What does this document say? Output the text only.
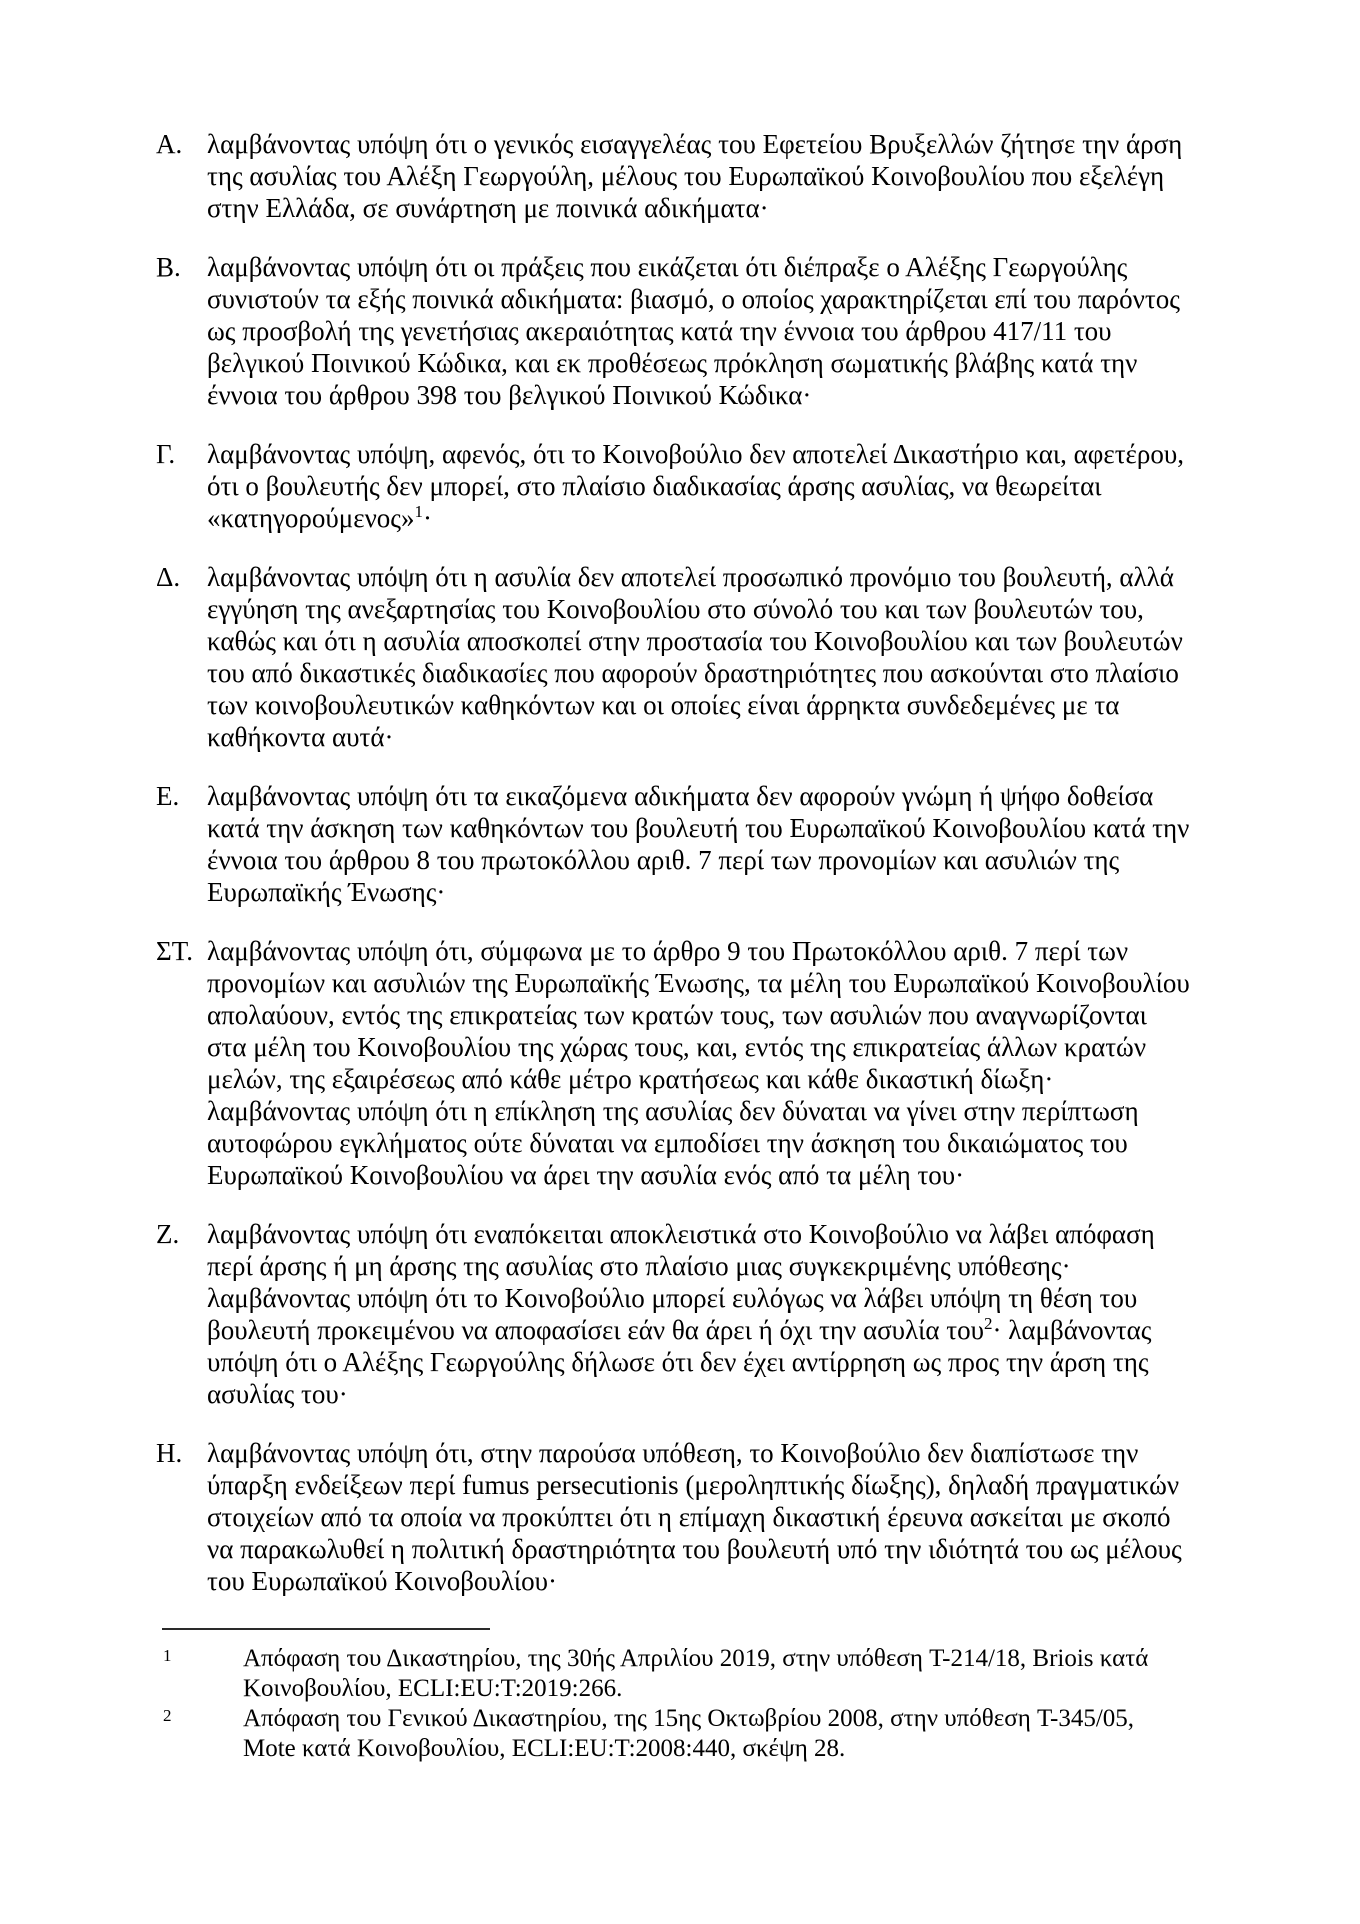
Α. λαμβάνοντας υπόψη ότι ο γενικός εισαγγελέας του Εφετείου Βρυξελλών ζήτησε την άρση της ασυλίας του Αλέξη Γεωργούλη, μέλους του Ευρωπαϊκού Κοινοβουλίου που εξελέγη στην Ελλάδα, σε συνάρτηση με ποινικά αδικήματα·
Β. λαμβάνοντας υπόψη ότι οι πράξεις που εικάζεται ότι διέπραξε ο Αλέξης Γεωργούλης συνιστούν τα εξής ποινικά αδικήματα: βιασμό, ο οποίος χαρακτηρίζεται επί του παρόντος ως προσβολή της γενετήσιας ακεραιότητας κατά την έννοια του άρθρου 417/11 του βελγικού Ποινικού Κώδικα, και εκ προθέσεως πρόκληση σωματικής βλάβης κατά την έννοια του άρθρου 398 του βελγικού Ποινικού Κώδικα·
Γ.	λαμβάνοντας υπόψη, αφενός, ότι το Κοινοβούλιο δεν αποτελεί Δικαστήριο και, αφετέρου, ότι ο βουλευτής δεν μπορεί, στο πλαίσιο διαδικασίας άρσης ασυλίας, να θεωρείται «κατηγορούμενος»$^1$·
Δ. λαμβάνοντας υπόψη ότι η ασυλία δεν αποτελεί προσωπικό προνόμιο του βουλευτή, αλλά εγγύηση της ανεξαρτησίας του Κοινοβουλίου στο σύνολό του και των βουλευτών του, καθώς και ότι η ασυλία αποσκοπεί στην προστασία του Κοινοβουλίου και των βουλευτών του από δικαστικές διαδικασίες που αφορούν δραστηριότητες που ασκούνται στο πλαίσιο των κοινοβουλευτικών καθηκόντων και οι οποίες είναι άρρηκτα συνδεδεμένες με τα καθήκοντα αυτά·
Ε.	λαμβάνοντας υπόψη ότι τα εικαζόμενα αδικήματα δεν αφορούν γνώμη ή ψήφο δοθείσα κατά την άσκηση των καθηκόντων του βουλευτή του Ευρωπαϊκού Κοινοβουλίου κατά την έννοια του άρθρου 8 του πρωτοκόλλου αριθ. 7 περί των προνομίων και ασυλιών της Ευρωπαϊκής Ένωσης·
ΣΤ. λαμβάνοντας υπόψη ότι, σύμφωνα με το άρθρο 9 του Πρωτοκόλλου αριθ. 7 περί των προνομίων και ασυλιών της Ευρωπαϊκής Ένωσης, τα μέλη του Ευρωπαϊκού Κοινοβουλίου απολαύουν, εντός της επικρατείας των κρατών τους, των ασυλιών που αναγνωρίζονται στα μέλη του Κοινοβουλίου της χώρας τους, και, εντός της επικρατείας άλλων κρατών μελών, της εξαιρέσεως από κάθε μέτρο κρατήσεως και κάθε δικαστική δίωξη· λαμβάνοντας υπόψη ότι η επίκληση της ασυλίας δεν δύναται να γίνει στην περίπτωση αυτοφώρου εγκλήματος ούτε δύναται να εμποδίσει την άσκηση του δικαιώματος του Ευρωπαϊκού Κοινοβουλίου να άρει την ασυλία ενός από τα μέλη του·
Ζ.	λαμβάνοντας υπόψη ότι εναπόκειται αποκλειστικά στο Κοινοβούλιο να λάβει απόφαση περί άρσης ή μη άρσης της ασυλίας στο πλαίσιο μιας συγκεκριμένης υπόθεσης· λαμβάνοντας υπόψη ότι το Κοινοβούλιο μπορεί ευλόγως να λάβει υπόψη τη θέση του βουλευτή προκειμένου να αποφασίσει εάν θα άρει ή όχι την ασυλία του$^2$· λαμβάνοντας υπόψη ότι ο Αλέξης Γεωργούλης δήλωσε ότι δεν έχει αντίρρηση ως προς την άρση της ασυλίας του·
Η. λαμβάνοντας υπόψη ότι, στην παρούσα υπόθεση, το Κοινοβούλιο δεν διαπίστωσε την ύπαρξη ενδείξεων περί fumus persecutionis (μεροληπτικής δίωξης), δηλαδή πραγματικών στοιχείων από τα οποία να προκύπτει ότι η επίμαχη δικαστική έρευνα ασκείται με σκοπό να παρακωλυθεί η πολιτική δραστηριότητα του βουλευτή υπό την ιδιότητά του ως μέλους του Ευρωπαϊκού Κοινοβουλίου·
1	Απόφαση του Δικαστηρίου, της 30ής Απριλίου 2019, στην υπόθεση T-214/18, Briois κατά Κοινοβουλίου, ECLI:EU:T:2019:266.
2	Απόφαση του Γενικού Δικαστηρίου, της 15ης Οκτωβρίου 2008, στην υπόθεση T-345/05, Mote κατά Κοινοβουλίου, ECLI:EU:T:2008:440, σκέψη 28.
